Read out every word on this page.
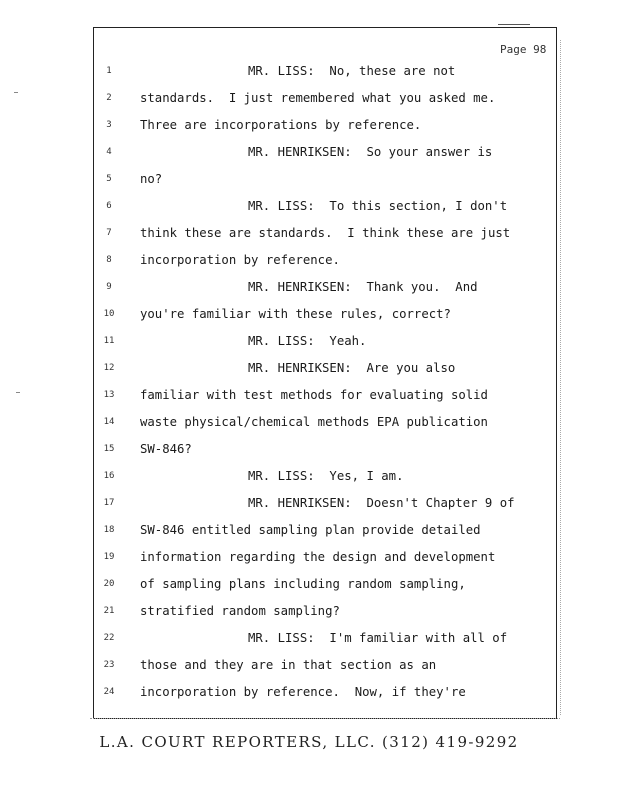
Page 98
1	MR. LISS:  No, these are not
2	standards.  I just remembered what you asked me.
3	Three are incorporations by reference.
4	MR. HENRIKSEN:  So your answer is
5	no?
6	MR. LISS:  To this section, I don't
7	think these are standards.  I think these are just
8	incorporation by reference.
9	MR. HENRIKSEN:  Thank you.  And
10 you're familiar with these rules, correct?
11	MR. LISS:  Yeah.
12	MR. HENRIKSEN:  Are you also
13 familiar with test methods for evaluating solid
14 waste physical/chemical methods EPA publication
15 SW-846?
16	MR. LISS:  Yes, I am.
17	MR. HENRIKSEN:  Doesn't Chapter 9 of
18 SW-846 entitled sampling plan provide detailed
19 information regarding the design and development
20 of sampling plans including random sampling,
21 stratified random sampling?
22	MR. LISS:  I'm familiar with all of
23 those and they are in that section as an
24 incorporation by reference.  Now, if they're
L.A. COURT REPORTERS, LLC. (312) 419-9292
